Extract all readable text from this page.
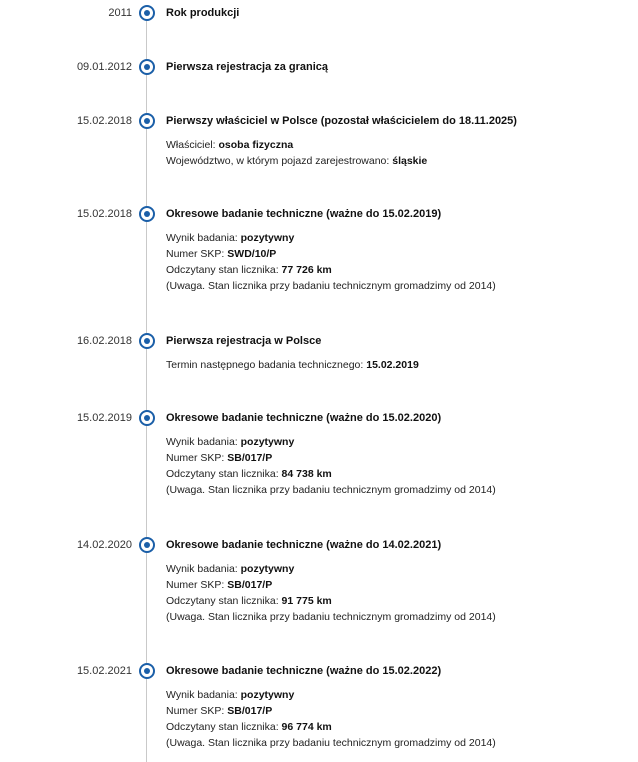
2011	Rok produkcji
09.01.2012	Pierwsza rejestracja za granicą
15.02.2018	Pierwszy właściciel w Polsce (pozostał właścicielem do 18.11.2025)
Właściciel: osoba fizyczna
Województwo, w którym pojazd zarejestrowano: śląskie
15.02.2018	Okresowe badanie techniczne (ważne do 15.02.2019)
Wynik badania: pozytywny
Numer SKP: SWD/10/P
Odczytany stan licznika: 77 726 km
(Uwaga. Stan licznika przy badaniu technicznym gromadzimy od 2014)
16.02.2018	Pierwsza rejestracja w Polsce
Termin następnego badania technicznego: 15.02.2019
15.02.2019	Okresowe badanie techniczne (ważne do 15.02.2020)
Wynik badania: pozytywny
Numer SKP: SB/017/P
Odczytany stan licznika: 84 738 km
(Uwaga. Stan licznika przy badaniu technicznym gromadzimy od 2014)
14.02.2020	Okresowe badanie techniczne (ważne do 14.02.2021)
Wynik badania: pozytywny
Numer SKP: SB/017/P
Odczytany stan licznika: 91 775 km
(Uwaga. Stan licznika przy badaniu technicznym gromadzimy od 2014)
15.02.2021	Okresowe badanie techniczne (ważne do 15.02.2022)
Wynik badania: pozytywny
Numer SKP: SB/017/P
Odczytany stan licznika: 96 774 km
(Uwaga. Stan licznika przy badaniu technicznym gromadzimy od 2014)
